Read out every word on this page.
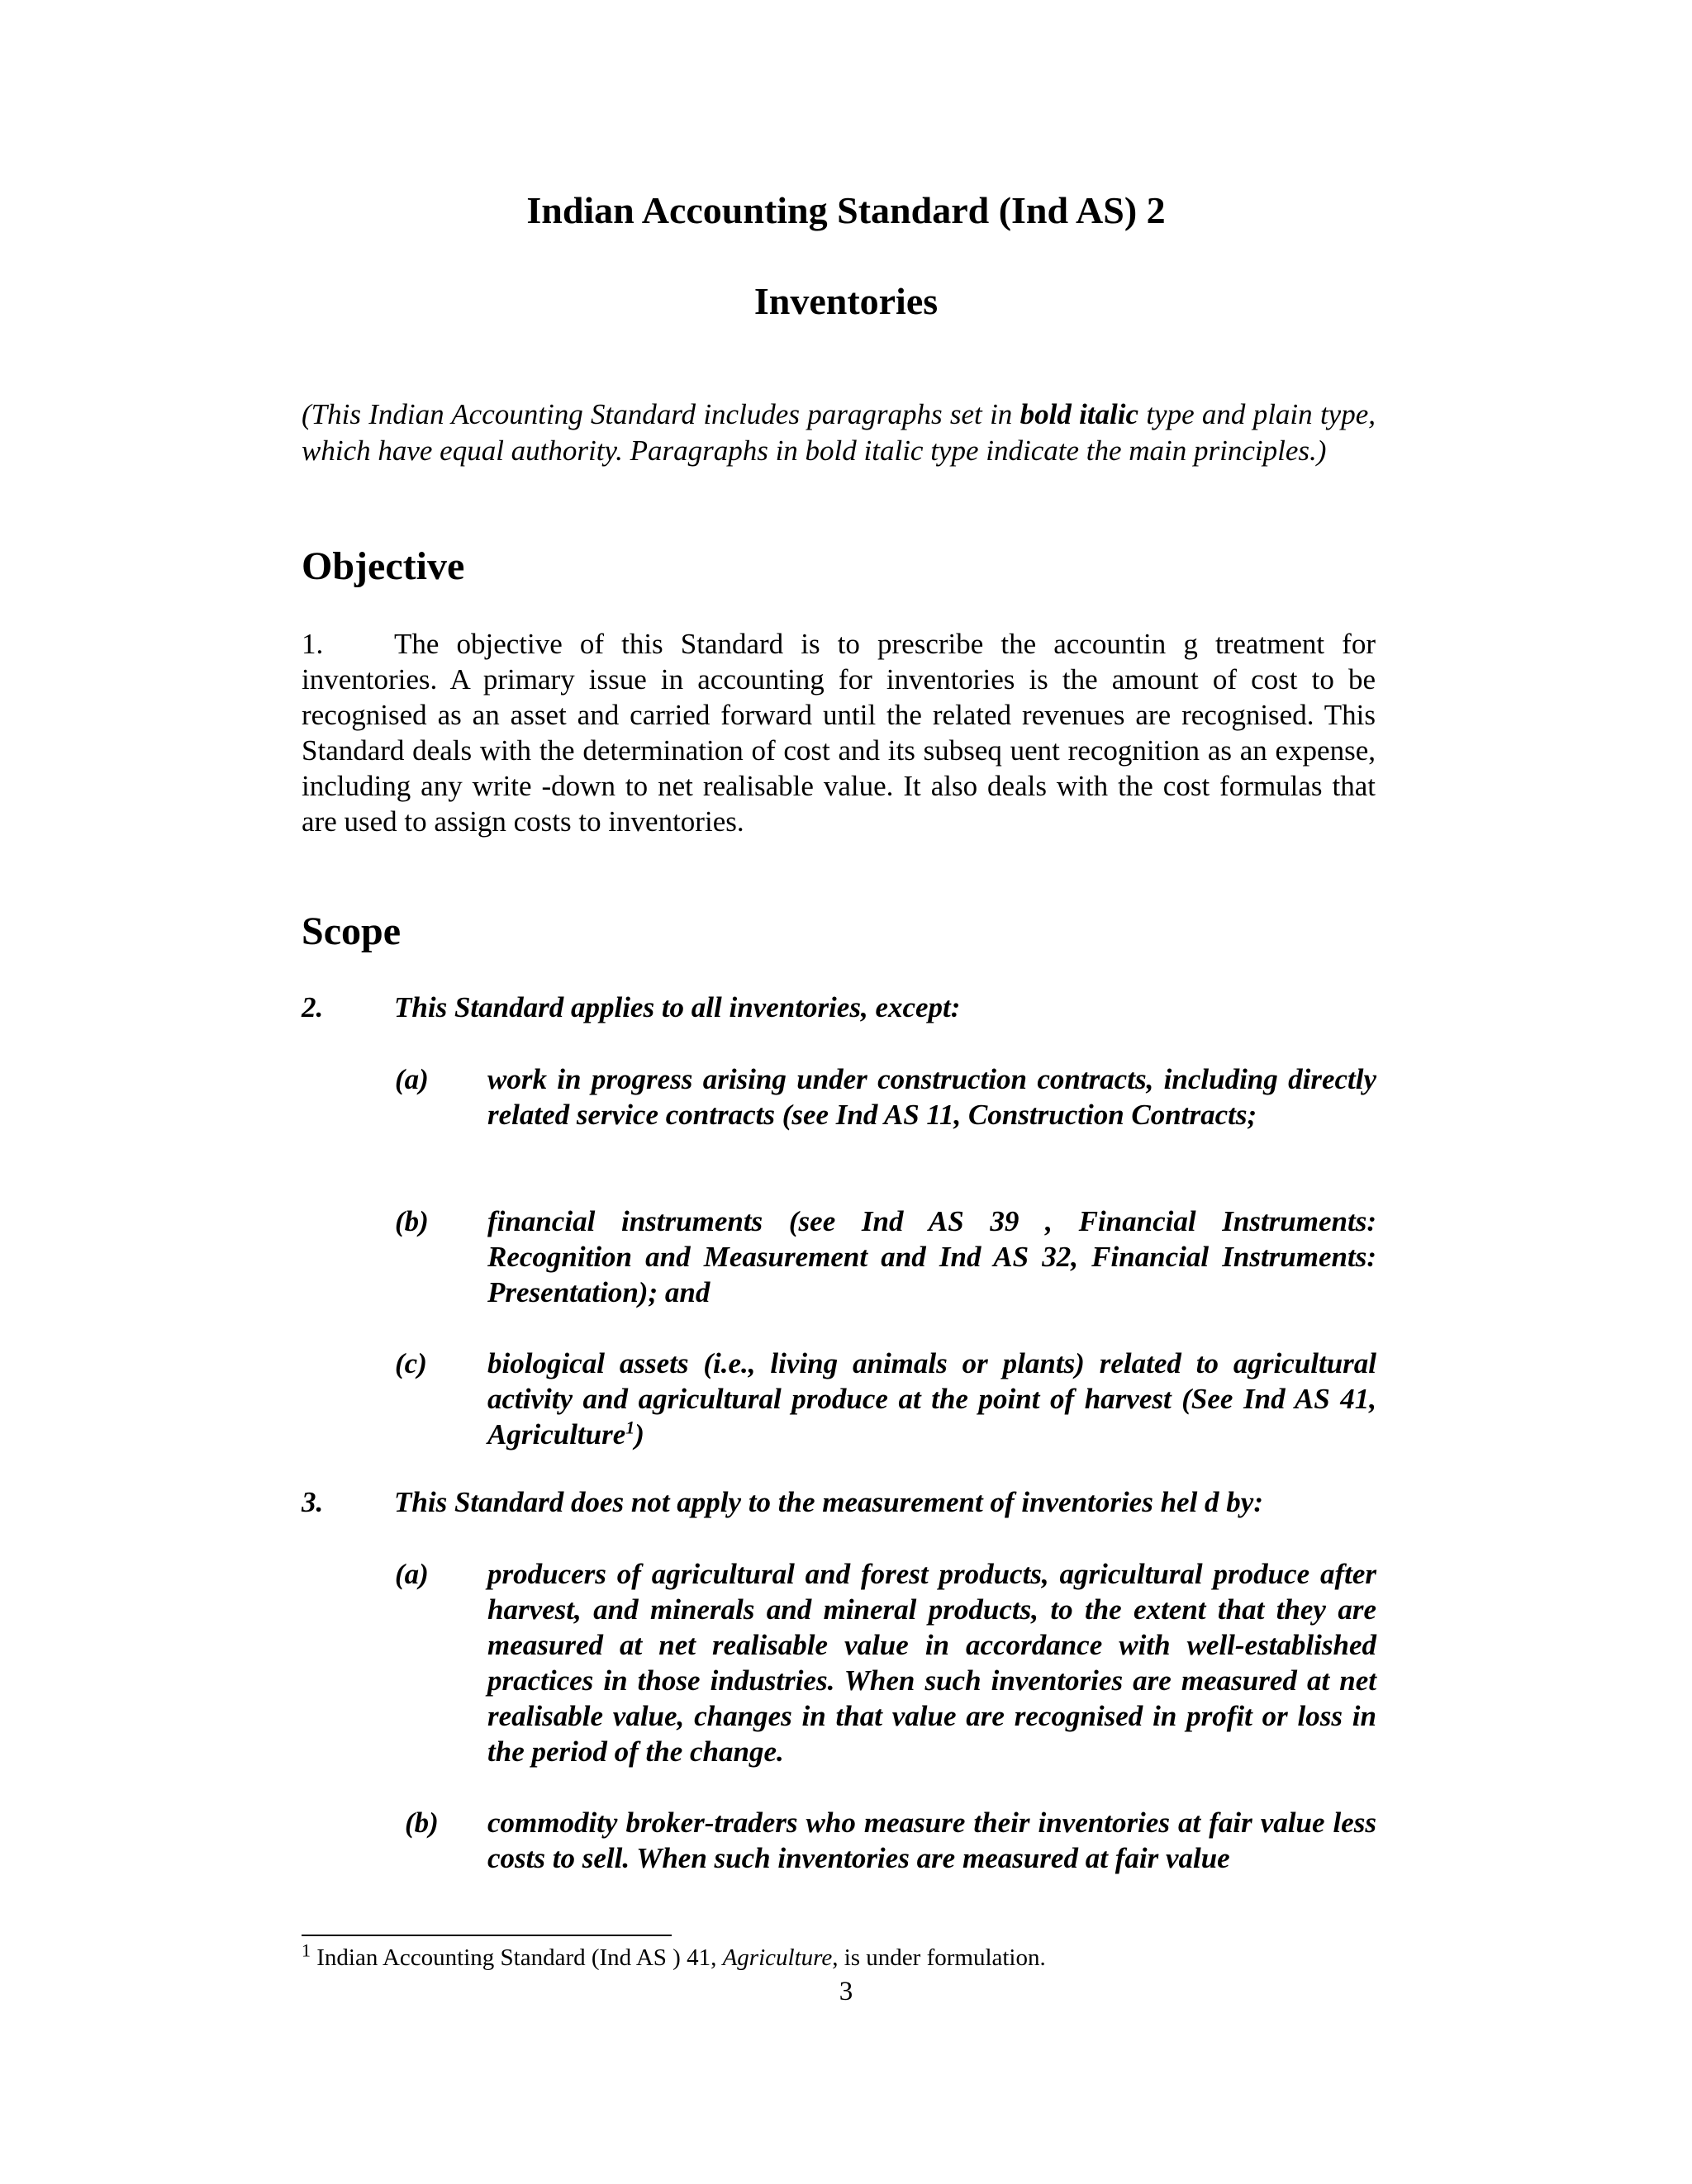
Indian Accounting Standard (Ind AS) 2
Inventories
(This Indian Accounting Standard includes paragraphs set in bold italic type and plain type, which have equal authority. Paragraphs in bold italic type indicate the main principles.)
Objective
1. The objective of this Standard is to prescribe the accountin g treatment for inventories. A primary issue in accounting for inventories is the amount of cost to be recognised as an asset and carried forward until the related revenues are recognised. This Standard deals with the determination of cost and its subseq uent recognition as an expense, including any write -down to net realisable value. It also deals with the cost formulas that are used to assign costs to inventories.
Scope
2. This Standard applies to all inventories, except:
(a) work in progress arising under construction contracts, including directly related service contracts (see Ind AS 11, Construction Contracts;
(b) financial instruments (see Ind AS 39 , Financial Instruments: Recognition and Measurement and Ind AS 32, Financial Instruments: Presentation); and
(c) biological assets (i.e., living animals or plants) related to agricultural activity and agricultural produce at the point of harvest (See Ind AS 41, Agriculture$^1$)
3. This Standard does not apply to the measurement of inventories hel d by:
(a) producers of agricultural and forest products, agricultural produce after harvest, and minerals and mineral products, to the extent that they are measured at net realisable value in accordance with well-established practices in those industries. When such inventories are measured at net realisable value, changes in that value are recognised in profit or loss in the period of the change.
(b) commodity broker-traders who measure their inventories at fair value less costs to sell. When such inventories are measured at fair value
$^1$ Indian Accounting Standard (Ind AS ) 41, Agriculture, is under formulation.
3
